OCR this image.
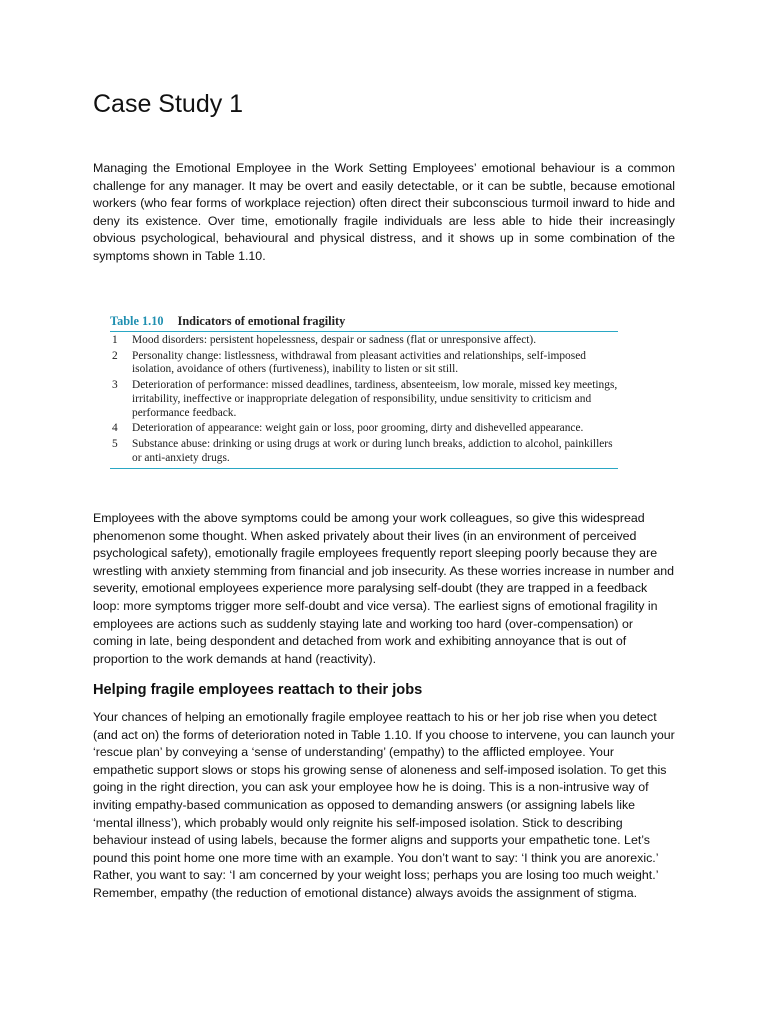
Case Study 1

Managing the Emotional Employee in the Work Setting Employees’ emotional behaviour is a common challenge for any manager. It may be overt and easily detectable, or it can be subtle, because emotional workers (who fear forms of workplace rejection) often direct their subconscious turmoil inward to hide and deny its existence. Over time, emotionally fragile individuals are less able to hide their increasingly obvious psychological, behavioural and physical distress, and it shows up in some combination of the symptoms shown in Table 1.10.

Table 1.10 Indicators of emotional fragility
1	Mood disorders: persistent hopelessness, despair or sadness (flat or unresponsive affect).
2	Personality change: listlessness, withdrawal from pleasant activities and relationships, self-imposed isolation, avoidance of others (furtiveness), inability to listen or sit still.
3	Deterioration of performance: missed deadlines, tardiness, absenteeism, low morale, missed key meetings, irritability, ineffective or inappropriate delegation of responsibility, undue sensitivity to criticism and performance feedback.
4	Deterioration of appearance: weight gain or loss, poor grooming, dirty and dishevelled appearance.
5	Substance abuse: drinking or using drugs at work or during lunch breaks, addiction to alcohol, painkillers or anti-anxiety drugs.

Employees with the above symptoms could be among your work colleagues, so give this widespread phenomenon some thought. When asked privately about their lives (in an environment of perceived psychological safety), emotionally fragile employees frequently report sleeping poorly because they are wrestling with anxiety stemming from financial and job insecurity. As these worries increase in number and severity, emotional employees experience more paralysing self-doubt (they are trapped in a feedback loop: more symptoms trigger more self-doubt and vice versa). The earliest signs of emotional fragility in employees are actions such as suddenly staying late and working too hard (over-compensation) or coming in late, being despondent and detached from work and exhibiting annoyance that is out of proportion to the work demands at hand (reactivity).

Helping fragile employees reattach to their jobs

Your chances of helping an emotionally fragile employee reattach to his or her job rise when you detect (and act on) the forms of deterioration noted in Table 1.10. If you choose to intervene, you can launch your ‘rescue plan’ by conveying a ‘sense of understanding’ (empathy) to the afflicted employee. Your empathetic support slows or stops his growing sense of aloneness and self-imposed isolation. To get this going in the right direction, you can ask your employee how he is doing. This is a non-intrusive way of inviting empathy-based communication as opposed to demanding answers (or assigning labels like ‘mental illness’), which probably would only reignite his self-imposed isolation. Stick to describing behaviour instead of using labels, because the former aligns and supports your empathetic tone. Let’s pound this point home one more time with an example. You don’t want to say: ‘I think you are anorexic.’ Rather, you want to say: ‘I am concerned by your weight loss; perhaps you are losing too much weight.’ Remember, empathy (the reduction of emotional distance) always avoids the assignment of stigma.
